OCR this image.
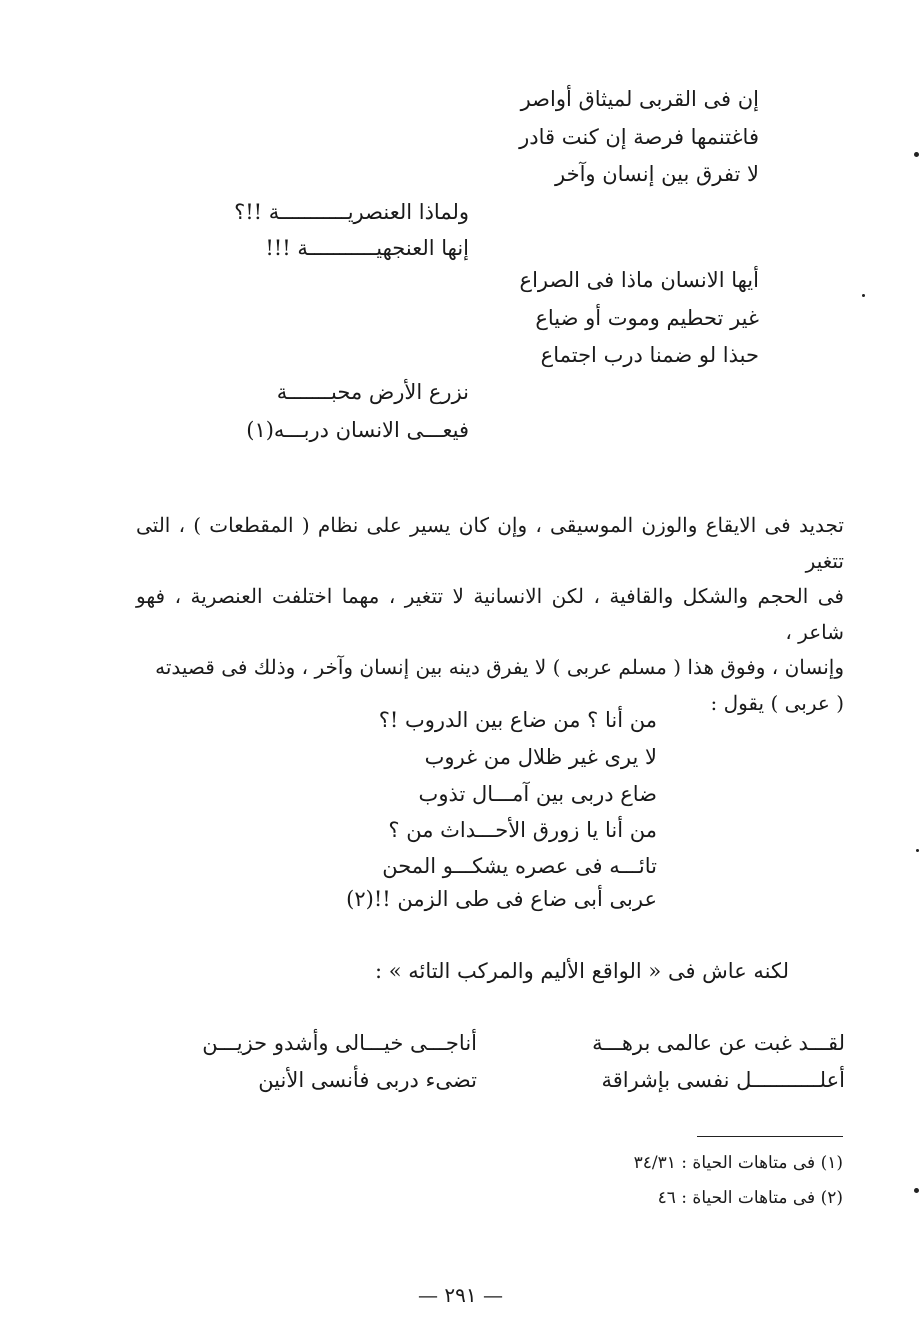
إن فى القربى لميثاق أواصر
فاغتنمها فرصة إن كنت قادر
لا تفرق بين إنسان وآخر
ولماذا العنصريـــــــــــة !!؟
إنها العنجهيـــــــــــة !!!
أيها الانسان ماذا فى الصراع
غير تحطيم وموت أو ضياع
حبذا لو ضمنا درب اجتماع
نزرع الأرض محبـــــــة
فيعـــى الانسان دربـــه(١)

تجديد فى الايقاع والوزن الموسيقى ، وإن كان يسير على نظام ( المقطعات ) ، التى تتغير

فى الحجم والشكل والقافية ، لكن الانسانية لا تتغير ، مهما اختلفت العنصرية ، فهو شاعر ،

وإنسان ، وفوق هذا ( مسلم عربى ) لا يفرق دينه بين إنسان وآخر ، وذلك فى قصيدته

( عربى ) يقول :

من أنا ؟ من ضاع بين الدروب !؟
لا يرى غير ظلال من غروب
ضاع دربى بين آمـــال تذوب
من أنا يا زورق الأحـــداث من ؟
تائـــه فى عصره يشكـــو المحن
عربى أبى ضاع فى طى الزمن !!(٢)
لكنه عاش فى « الواقع الأليم والمركب التائه » :
لقـــد غبت عن عالمى برهـــة
أناجـــى خيـــالى وأشدو حزيـــن
أعلـــــــــــل نفسى بإشراقة
تضىء دربى فأنسى الأنين
(١) فى متاهات الحياة : ٣٤/٣١
(٢) فى متاهات الحياة : ٤٦
— ٢٩١ —
